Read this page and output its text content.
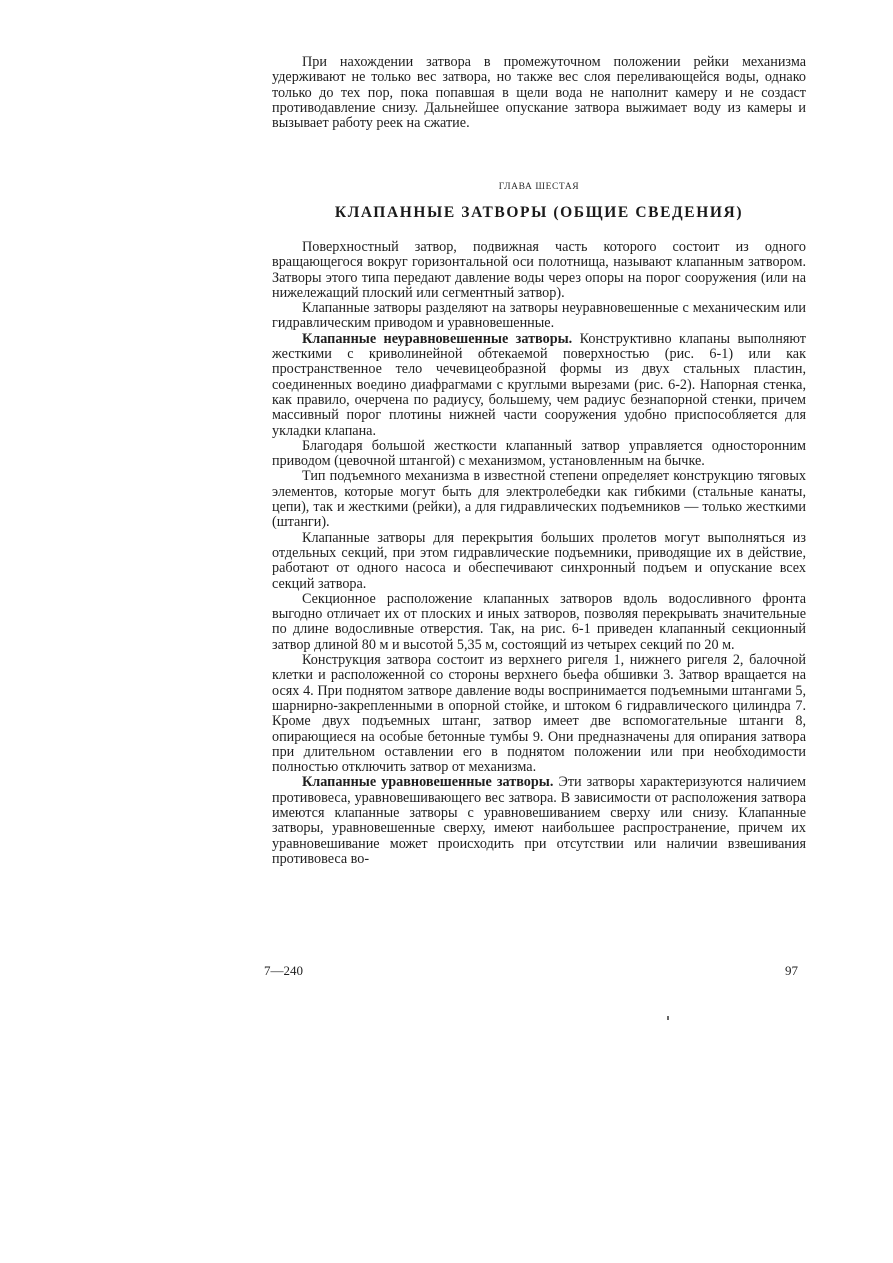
При нахождении затвора в промежуточном положении рейки механизма удерживают не только вес затвора, но также вес слоя переливающейся воды, однако только до тех пор, пока попавшая в щели вода не наполнит камеру и не создаст противодавление снизу. Дальнейшее опускание затвора выжимает воду из камеры и вызывает работу реек на сжатие.

ГЛАВА ШЕСТАЯ
КЛАПАННЫЕ ЗАТВОРЫ (ОБЩИЕ СВЕДЕНИЯ)

Поверхностный затвор, подвижная часть которого состоит из одного вращающегося вокруг горизонтальной оси полотнища, называют клапанным затвором. Затворы этого типа передают давление воды через опоры на порог сооружения (или на нижележащий плоский или сегментный затвор).

Клапанные затворы разделяют на затворы неуравновешенные с механическим или гидравлическим приводом и уравновешенные.

Клапанные неуравновешенные затворы. Конструктивно клапаны выполняют жесткими с криволинейной обтекаемой поверхностью (рис. 6-1) или как пространственное тело чечевицеобразной формы из двух стальных пластин, соединенных воедино диафрагмами с круглыми вырезами (рис. 6-2). Напорная стенка, как правило, очерчена по радиусу, большему, чем радиус безнапорной стенки, причем массивный порог плотины нижней части сооружения удобно приспособляется для укладки клапана.

Благодаря большой жесткости клапанный затвор управляется односторонним приводом (цевочной штангой) с механизмом, установленным на бычке.

Тип подъемного механизма в известной степени определяет конструкцию тяговых элементов, которые могут быть для электролебедки как гибкими (стальные канаты, цепи), так и жесткими (рейки), а для гидравлических подъемников — только жесткими (штанги).

Клапанные затворы для перекрытия больших пролетов могут выполняться из отдельных секций, при этом гидравлические подъемники, приводящие их в действие, работают от одного насоса и обеспечивают синхронный подъем и опускание всех секций затвора.

Секционное расположение клапанных затворов вдоль водосливного фронта выгодно отличает их от плоских и иных затворов, позволяя перекрывать значительные по длине водосливные отверстия. Так, на рис. 6-1 приведен клапанный секционный затвор длиной 80 м и высотой 5,35 м, состоящий из четырех секций по 20 м.

Конструкция затвора состоит из верхнего ригеля 1, нижнего ригеля 2, балочной клетки и расположенной со стороны верхнего бьефа обшивки 3. Затвор вращается на осях 4. При поднятом затворе давление воды воспринимается подъемными штангами 5, шарнирно-закрепленными в опорной стойке, и штоком 6 гидравлического цилиндра 7. Кроме двух подъемных штанг, затвор имеет две вспомогательные штанги 8, опирающиеся на особые бетонные тумбы 9. Они предназначены для опирания затвора при длительном оставлении его в поднятом положении или при необходимости полностью отключить затвор от механизма.

Клапанные уравновешенные затворы. Эти затворы характеризуются наличием противовеса, уравновешивающего вес затвора. В зависимости от расположения затвора имеются клапанные затворы с уравновешиванием сверху или снизу. Клапанные затворы, уравновешенные сверху, имеют наибольшее распространение, причем их уравновешивание может происходить при отсутствии или наличии взвешивания противовеса во-

7—240	97
